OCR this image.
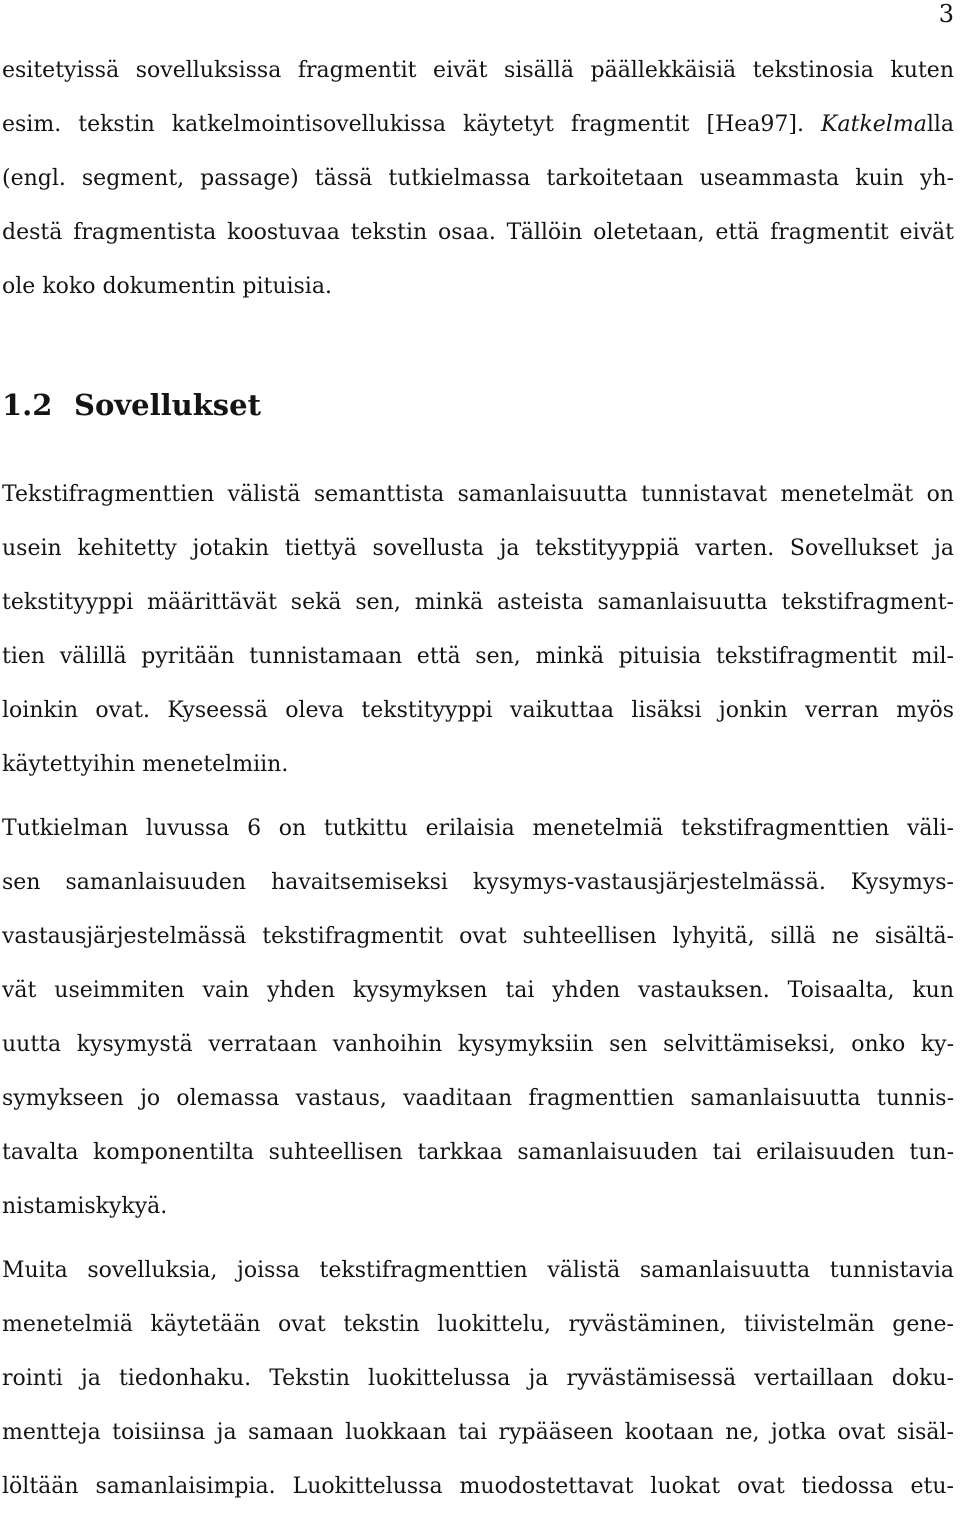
3
esitetyissä sovelluksissa fragmentit eivät sisällä päällekkäisiä tekstinosia kuten
esim. tekstin katkelmointisovellukissa käytetyt fragmentit [Hea97]. Katkelmalla
(engl. segment, passage) tässä tutkielmassa tarkoitetaan useammasta kuin yh-
destä fragmentista koostuvaa tekstin osaa. Tällöin oletetaan, että fragmentit eivät
ole koko dokumentin pituisia.
1.2 Sovellukset
Tekstifragmenttien välistä semanttista samanlaisuutta tunnistavat menetelmät on
usein kehitetty jotakin tiettyä sovellusta ja tekstityyppiä varten. Sovellukset ja
tekstityyppi määrittävät sekä sen, minkä asteista samanlaisuutta tekstifragment-
tien välillä pyritään tunnistamaan että sen, minkä pituisia tekstifragmentit mil-
loinkin ovat. Kyseessä oleva tekstityyppi vaikuttaa lisäksi jonkin verran myös
käytettyihin menetelmiin.
Tutkielman luvussa 6 on tutkittu erilaisia menetelmiä tekstifragmenttien väli-
sen samanlaisuuden havaitsemiseksi kysymys-vastausjärjestelmässä. Kysymys-
vastausjärjestelmässä tekstifragmentit ovat suhteellisen lyhyitä, sillä ne sisältä-
vät useimmiten vain yhden kysymyksen tai yhden vastauksen. Toisaalta, kun
uutta kysymystä verrataan vanhoihin kysymyksiin sen selvittämiseksi, onko ky-
symykseen jo olemassa vastaus, vaaditaan fragmenttien samanlaisuutta tunnis-
tavalta komponentilta suhteellisen tarkkaa samanlaisuuden tai erilaisuuden tun-
nistamiskykyä.
Muita sovelluksia, joissa tekstifragmenttien välistä samanlaisuutta tunnistavia
menetelmiä käytetään ovat tekstin luokittelu, ryvästäminen, tiivistelmän gene-
rointi ja tiedonhaku. Tekstin luokittelussa ja ryvästämisessä vertaillaan doku-
mentteja toisiinsa ja samaan luokkaan tai rypääseen kootaan ne, jotka ovat sisäl-
löltään samanlaisimpia. Luokittelussa muodostettavat luokat ovat tiedossa etu-
